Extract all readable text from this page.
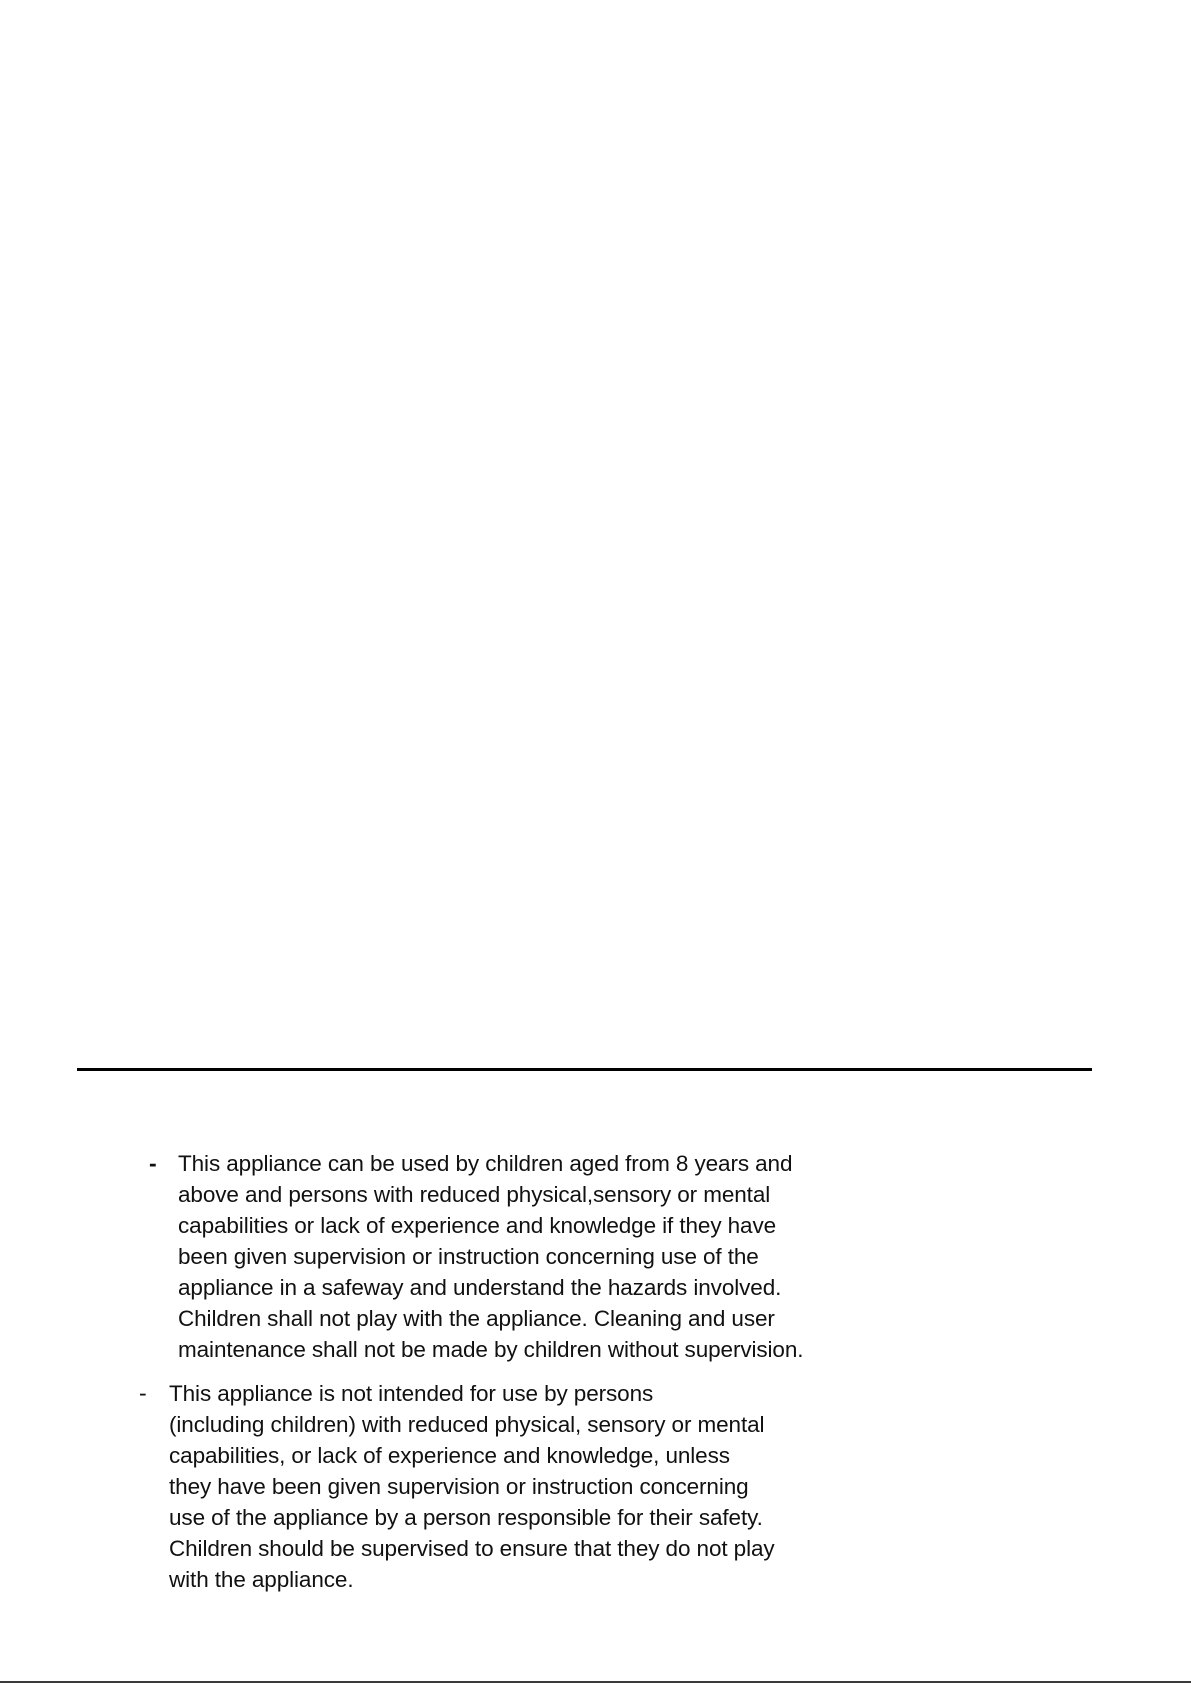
- This appliance can be used by children aged from 8 years and
above and persons with reduced physical,sensory or mental
capabilities or lack of experience and knowledge if they have
been given supervision or instruction concerning use of the
appliance in a safeway and understand the hazards involved.
Children shall not play with the appliance. Cleaning and user
maintenance shall not be made by children without supervision.
- This appliance is not intended for use by persons
(including children) with reduced physical, sensory or mental
capabilities, or lack of experience and knowledge, unless
they have been given supervision or instruction concerning
use of the appliance by a person responsible for their safety.
Children should be supervised to ensure that they do not play
with the appliance.
